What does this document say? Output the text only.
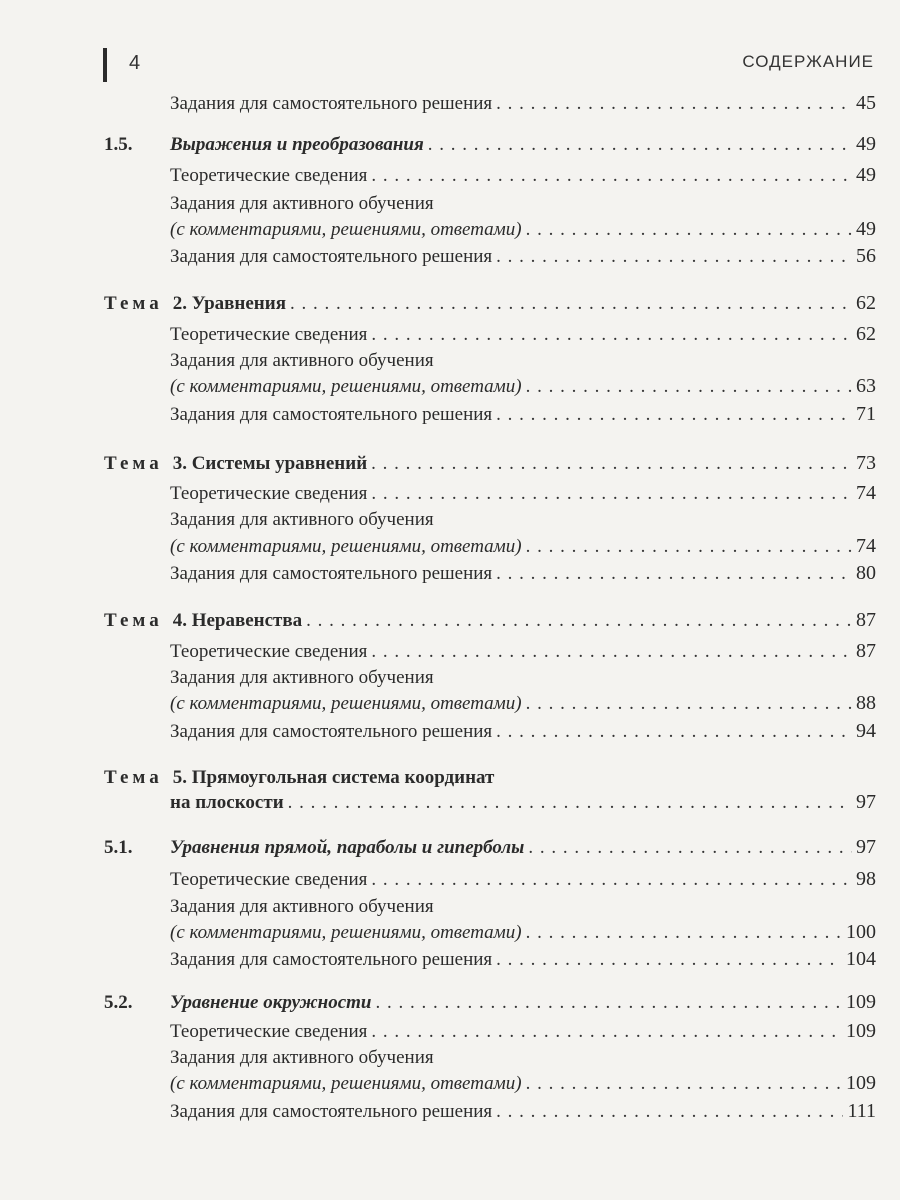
4	СОДЕРЖАНИЕ
Задания для самостоятельного решения . . .	45
1.5.	Выражения и преобразования . . .	49
Теоретические сведения . . .	49
Задания для активного обучения
(с комментариями, решениями, ответами) . . .	49
Задания для самостоятельного решения . . .	56
Тема 2. Уравнения . . .	62
Теоретические сведения . . .	62
Задания для активного обучения
(с комментариями, решениями, ответами) . . .	63
Задания для самостоятельного решения . . .	71
Тема 3. Системы уравнений . . .	73
Теоретические сведения . . .	74
Задания для активного обучения
(с комментариями, решениями, ответами) . . .	74
Задания для самостоятельного решения . . .	80
Тема 4. Неравенства . . .	87
Теоретические сведения . . .	87
Задания для активного обучения
(с комментариями, решениями, ответами) . . .	88
Задания для самостоятельного решения . . .	94
Тема 5. Прямоугольная система координат
на плоскости . . .	97
5.1.	Уравнения прямой, параболы и гиперболы . . .	97
Теоретические сведения . . .	98
Задания для активного обучения
(с комментариями, решениями, ответами) . . .	100
Задания для самостоятельного решения . . .	104
5.2.	Уравнение окружности . . .	109
Теоретические сведения . . .	109
Задания для активного обучения
(с комментариями, решениями, ответами) . . .	109
Задания для самостоятельного решения . . .	111
